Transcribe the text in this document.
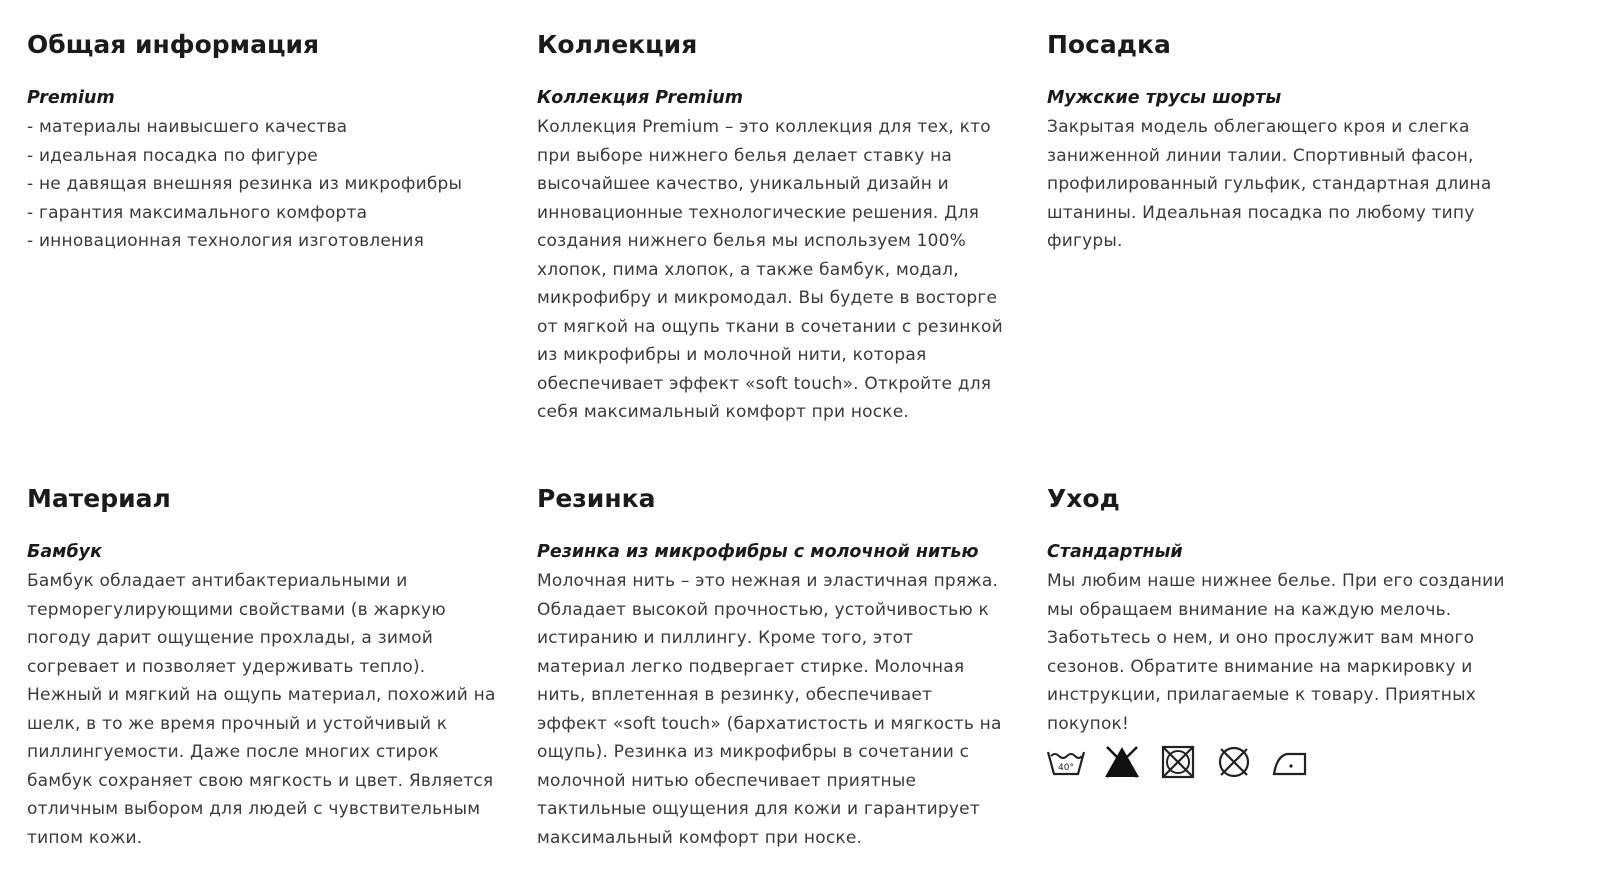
Общая информация
Premium
- материалы наивысшего качества
- идеальная посадка по фигуре
- не давящая внешняя резинка из микрофибры
- гарантия максимального комфорта
- инновационная технология изготовления
Коллекция
Коллекция Premium

Коллекция Premium – это коллекция для тех, кто при выборе нижнего белья делает ставку на высочайшее качество, уникальный дизайн и инновационные технологические решения. Для создания нижнего белья мы используем 100% хлопок, пима хлопок, а также бамбук, модал, микрофибру и микромодал. Вы будете в восторге от мягкой на ощупь ткани в сочетании с резинкой из микрофибры и молочной нити, которая обеспечивает эффект «soft touch». Откройте для себя максимальный комфорт при носке.

Посадка
Мужские трусы шорты

Закрытая модель облегающего кроя и слегка заниженной линии талии. Спортивный фасон, профилированный гульфик, стандартная длина штанины. Идеальная посадка по любому типу фигуры.

Материал
Бамбук

Бамбук обладает антибактериальными и терморегулирующими свойствами (в жаркую погоду дарит ощущение прохлады, а зимой согревает и позволяет удерживать тепло). Нежный и мягкий на ощупь материал, похожий на шелк, в то же время прочный и устойчивый к пиллингуемости. Даже после многих стирок бамбук сохраняет свою мягкость и цвет. Является отличным выбором для людей с чувствительным типом кожи.

Резинка
Резинка из микрофибры с молочной нитью

Молочная нить – это нежная и эластичная пряжа. Обладает высокой прочностью, устойчивостью к истиранию и пиллингу. Кроме того, этот материал легко подвергает стирке. Молочная нить, вплетенная в резинку, обеспечивает эффект «soft touch» (бархатистость и мягкость на ощупь). Резинка из микрофибры в сочетании с молочной нитью обеспечивает приятные тактильные ощущения для кожи и гарантирует максимальный комфорт при носке.

Уход
Стандартный

Мы любим наше нижнее белье. При его создании мы обращаем внимание на каждую мелочь. Заботьтесь о нем, и оно прослужит вам много сезонов. Обратите внимание на маркировку и инструкции, прилагаемые к товару. Приятных покупок!

40°
